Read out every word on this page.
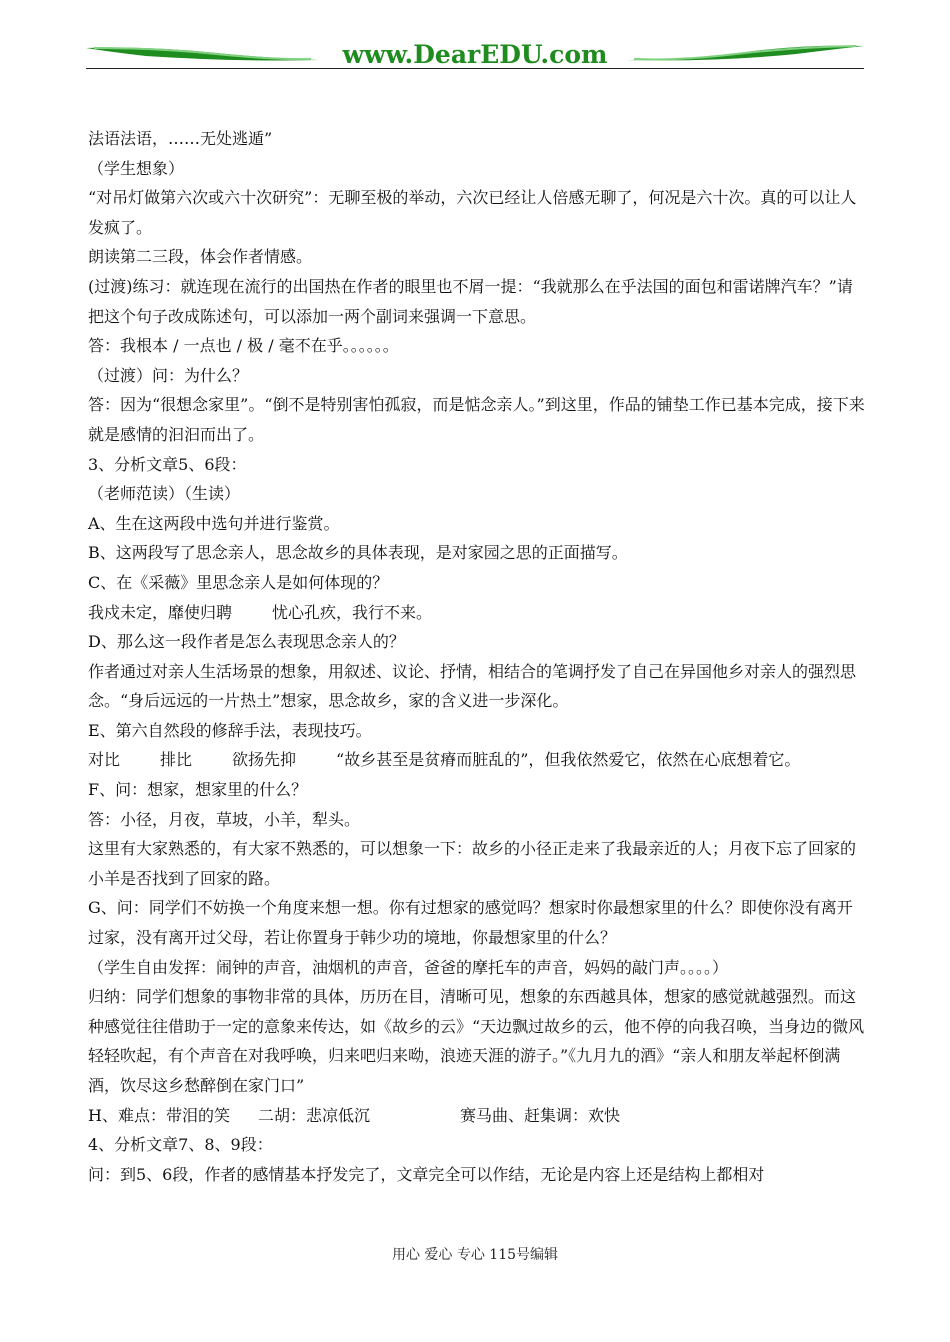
www.DearEDU.com

法语法语，……无处逃遁”

（学生想象）

“对吊灯做第六次或六十次研究”：无聊至极的举动，六次已经让人倍感无聊了，何况是六十次。真的可以让人发疯了。

朗读第二三段，体会作者情感。

(过渡)练习：就连现在流行的出国热在作者的眼里也不屑一提：“我就那么在乎法国的面包和雷诺牌汽车？”请把这个句子改成陈述句，可以添加一两个副词来强调一下意思。

答：我根本 / 一点也 / 极 / 毫不在乎。。。。。。

（过渡）问：为什么？

答：因为“很想念家里”。“倒不是特别害怕孤寂，而是惦念亲人。”到这里，作品的铺垫工作已基本完成，接下来就是感情的汩汩而出了。

3、分析文章5、6段：

（老师范读）（生读）

A、生在这两段中选句并进行鉴赏。

B、这两段写了思念亲人，思念故乡的具体表现，是对家园之思的正面描写。

C、在《采薇》里思念亲人是如何体现的？

我戍未定，靡使归聘	忧心孔疚，我行不来。

D、那么这一段作者是怎么表现思念亲人的？

作者通过对亲人生活场景的想象，用叙述、议论、抒情，相结合的笔调抒发了自己在异国他乡对亲人的强烈思念。“身后远远的一片热土”想家，思念故乡，家的含义进一步深化。

E、第六自然段的修辞手法，表现技巧。

对比	排比	欲扬先抑	“故乡甚至是贫瘠而脏乱的”，但我依然爱它，依然在心底想着它。

F、问：想家，想家里的什么？

答：小径，月夜，草坡，小羊，犁头。

这里有大家熟悉的，有大家不熟悉的，可以想象一下：故乡的小径正走来了我最亲近的人；月夜下忘了回家的小羊是否找到了回家的路。

G、问：同学们不妨换一个角度来想一想。你有过想家的感觉吗？想家时你最想家里的什么？即使你没有离开过家，没有离开过父母，若让你置身于韩少功的境地，你最想家里的什么？

（学生自由发挥：闹钟的声音，油烟机的声音，爸爸的摩托车的声音，妈妈的敲门声。。。。）

归纳：同学们想象的事物非常的具体，历历在目，清晰可见，想象的东西越具体，想家的感觉就越强烈。而这种感觉往往借助于一定的意象来传达，如《故乡的云》“天边飘过故乡的云，他不停的向我召唤，当身边的微风轻轻吹起，有个声音在对我呼唤，归来吧归来呦，浪迹天涯的游子。”《九月九的酒》“亲人和朋友举起杯倒满酒，饮尽这乡愁醉倒在家门口”

H、难点：带泪的笑 二胡：悲凉低沉	赛马曲、赶集调：欢快

4、分析文章7、8、9段：

问：到5、6段，作者的感情基本抒发完了，文章完全可以作结，无论是内容上还是结构上都相对

用心 爱心 专心 115号编辑
